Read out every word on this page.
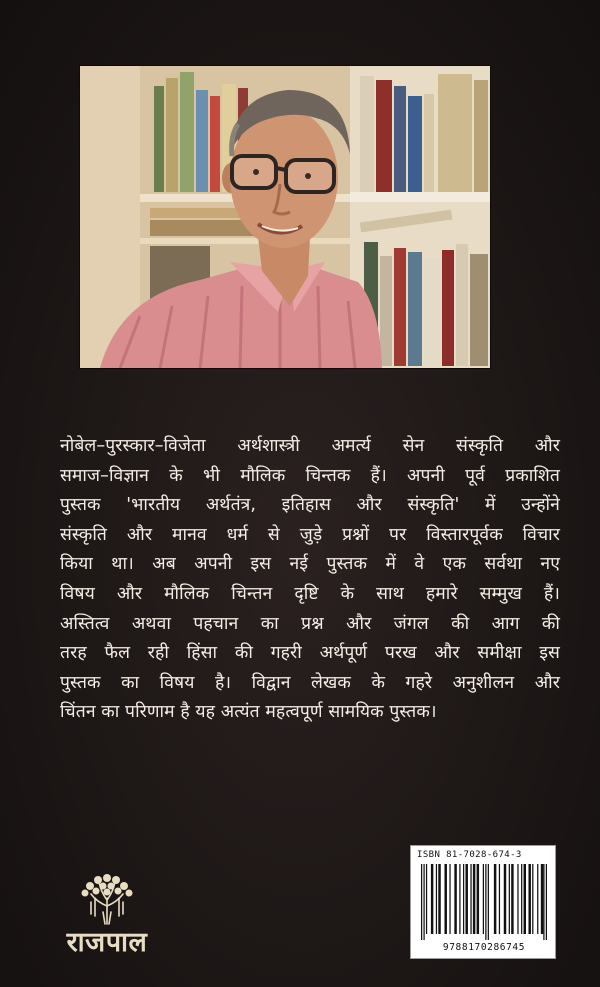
नोबेल–पुरस्कार–विजेता अर्थशास्त्री अमर्त्य सेन संस्कृति और
समाज–विज्ञान के भी मौलिक चिन्तक हैं। अपनी पूर्व प्रकाशित
पुस्तक 'भारतीय अर्थतंत्र, इतिहास और संस्कृति' में उन्होंने
संस्कृति और मानव धर्म से जुड़े प्रश्नों पर विस्तारपूर्वक विचार
किया था। अब अपनी इस नई पुस्तक में वे एक सर्वथा नए
विषय और मौलिक चिन्तन दृष्टि के साथ हमारे सम्मुख हैं।
अस्तित्व अथवा पहचान का प्रश्न और जंगल की आग की
तरह फैल रही हिंसा की गहरी अर्थपूर्ण परख और समीक्षा इस
पुस्तक का विषय है। विद्वान लेखक के गहरे अनुशीलन और
चिंतन का परिणाम है यह अत्यंत महत्वपूर्ण सामयिक पुस्तक।
राजपाल
ISBN 81-7028-674-3
9788170286745
